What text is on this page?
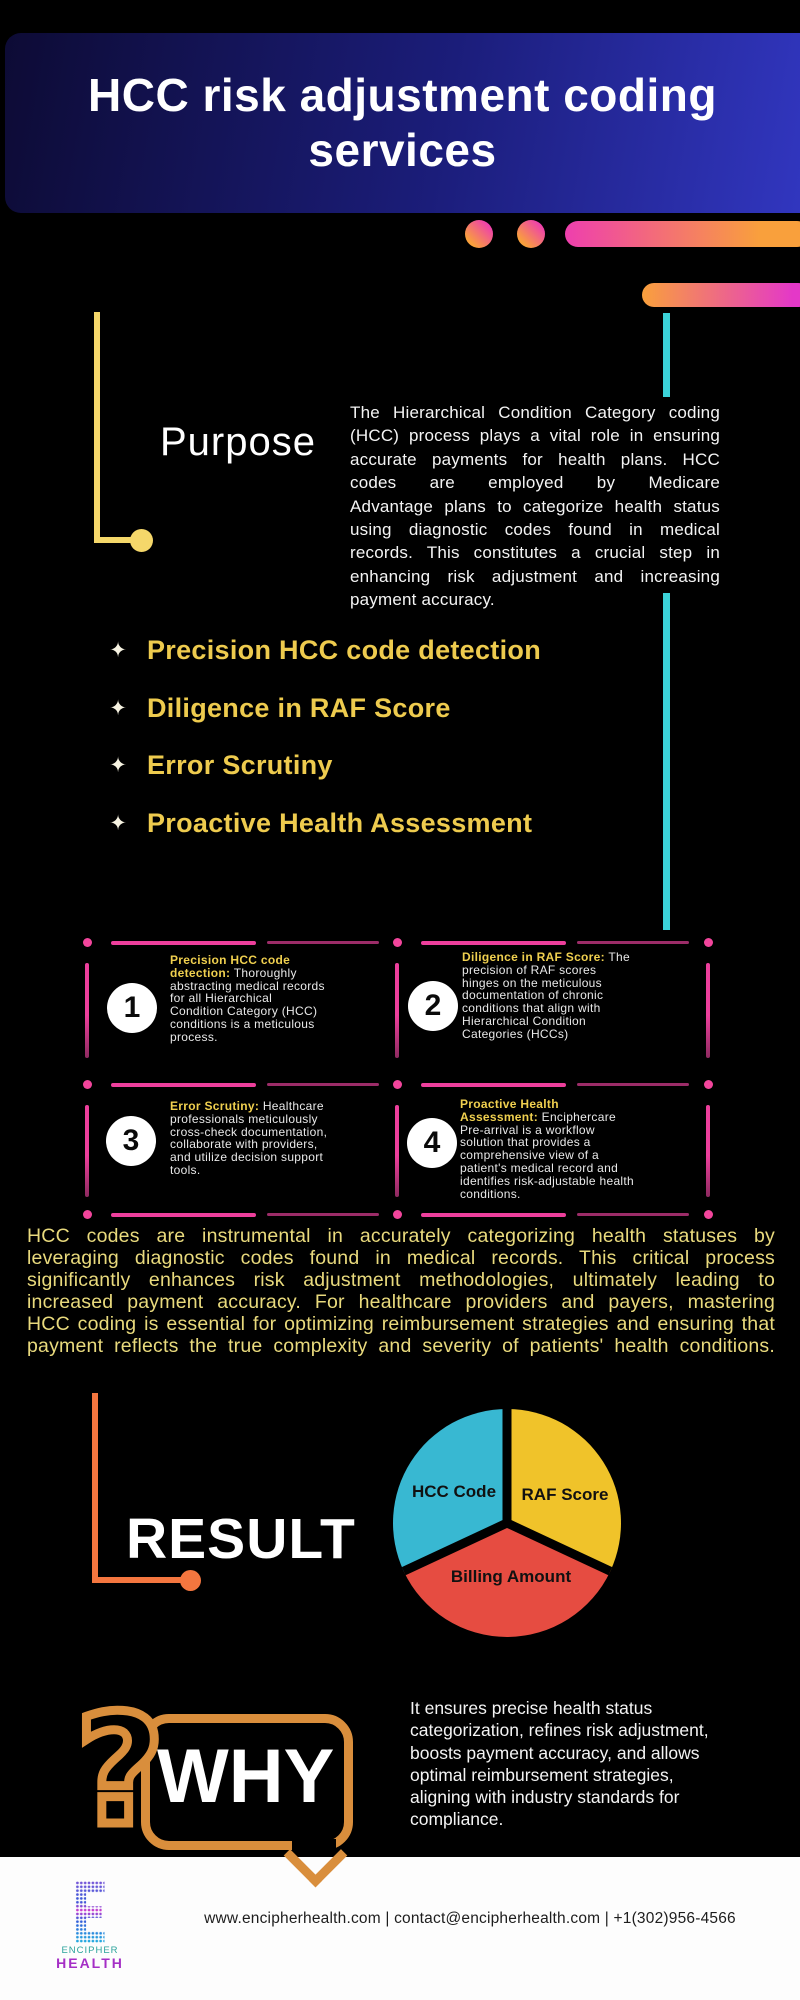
HCC risk adjustment coding
services
Purpose
The Hierarchical Condition Category coding
(HCC) process plays a vital role in ensuring
accurate payments for health plans. HCC
codes are employed by Medicare
Advantage plans to categorize health status
using diagnostic codes found in medical
records. This constitutes a crucial step in
enhancing risk adjustment and increasing
payment accuracy.
✦ Precision HCC code detection
✦ Diligence in RAF Score
✦ Error Scrutiny
✦ Proactive Health Assessment
1	2
3	4
Precision HCC code detection: Thoroughly abstracting medical records for all Hierarchical Condition Category (HCC) conditions is a meticulous process.
Diligence in RAF Score: The precision of RAF scores hinges on the meticulous documentation of chronic conditions that align with Hierarchical Condition Categories (HCCs)
Error Scrutiny: Healthcare professionals meticulously cross-check documentation, collaborate with providers, and utilize decision support tools.
Proactive Health Assessment: Enciphercare Pre-arrival is a workflow solution that provides a comprehensive view of a patient's medical record and identifies risk-adjustable health conditions.
HCC codes are instrumental in accurately categorizing health statuses by
leveraging diagnostic codes found in medical records. This critical process
significantly enhances risk adjustment methodologies, ultimately leading to
increased payment accuracy. For healthcare providers and payers, mastering
HCC coding is essential for optimizing reimbursement strategies and ensuring that
payment reflects the true complexity and severity of patients' health conditions.
RESULT
HCC Code RAF Score
Billing Amount
?
WHY
It ensures precise health status
categorization, refines risk adjustment,
boosts payment accuracy, and allows
optimal reimbursement strategies,
aligning with industry standards for
compliance.
ENCIPHER
HEALTH
www.encipherhealth.com | contact@encipherhealth.com | +1(302)956-4566
